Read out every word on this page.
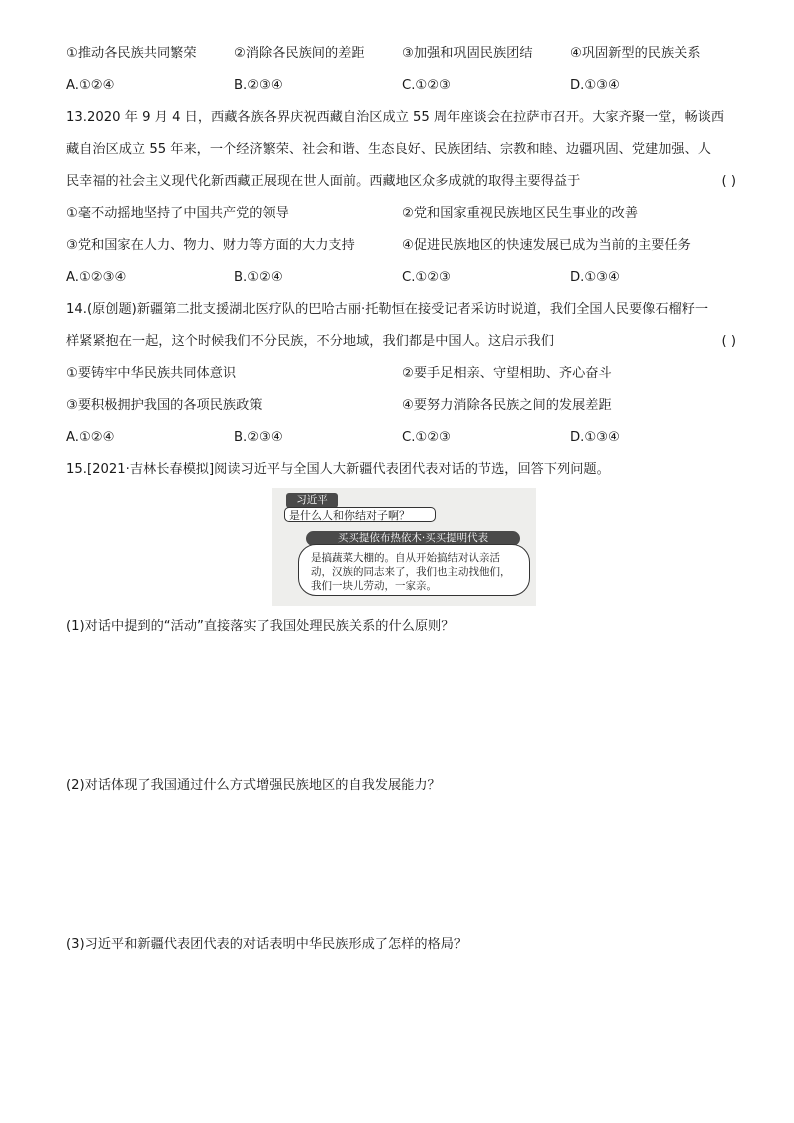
①推动各民族共同繁荣	②消除各民族间的差距	③加强和巩固民族团结	④巩固新型的民族关系
A.①②④	B.②③④	C.①②③	D.①③④
13.2020 年 9 月 4 日，西藏各族各界庆祝西藏自治区成立 55 周年座谈会在拉萨市召开。大家齐聚一堂，畅谈西
藏自治区成立 55 年来，一个经济繁荣、社会和谐、生态良好、民族团结、宗教和睦、边疆巩固、党建加强、人
民幸福的社会主义现代化新西藏正展现在世人面前。西藏地区众多成就的取得主要得益于	( )
①毫不动摇地坚持了中国共产党的领导	②党和国家重视民族地区民生事业的改善
③党和国家在人力、物力、财力等方面的大力支持	④促进民族地区的快速发展已成为当前的主要任务
A.①②③④	B.①②④	C.①②③	D.①③④
14.(原创题)新疆第二批支援湖北医疗队的巴哈古丽·托勒恒在接受记者采访时说道，我们全国人民要像石榴籽一
样紧紧抱在一起，这个时候我们不分民族，不分地域，我们都是中国人。这启示我们	( )
①要铸牢中华民族共同体意识	②要手足相亲、守望相助、齐心奋斗
③要积极拥护我国的各项民族政策	④要努力消除各民族之间的发展差距
A.①②④	B.②③④	C.①②③	D.①③④
15.[2021·吉林长春模拟]阅读习近平与全国人大新疆代表团代表对话的节选，回答下列问题。
习近平
是什么人和你结对子啊？
买买提依布热依木·买买提明代表
是搞蔬菜大棚的。自从开始搞结对认亲活
动，汉族的同志来了，我们也主动找他们，
我们一块儿劳动，一家亲。
(1)对话中提到的“活动”直接落实了我国处理民族关系的什么原则？
(2)对话体现了我国通过什么方式增强民族地区的自我发展能力？
(3)习近平和新疆代表团代表的对话表明中华民族形成了怎样的格局？
